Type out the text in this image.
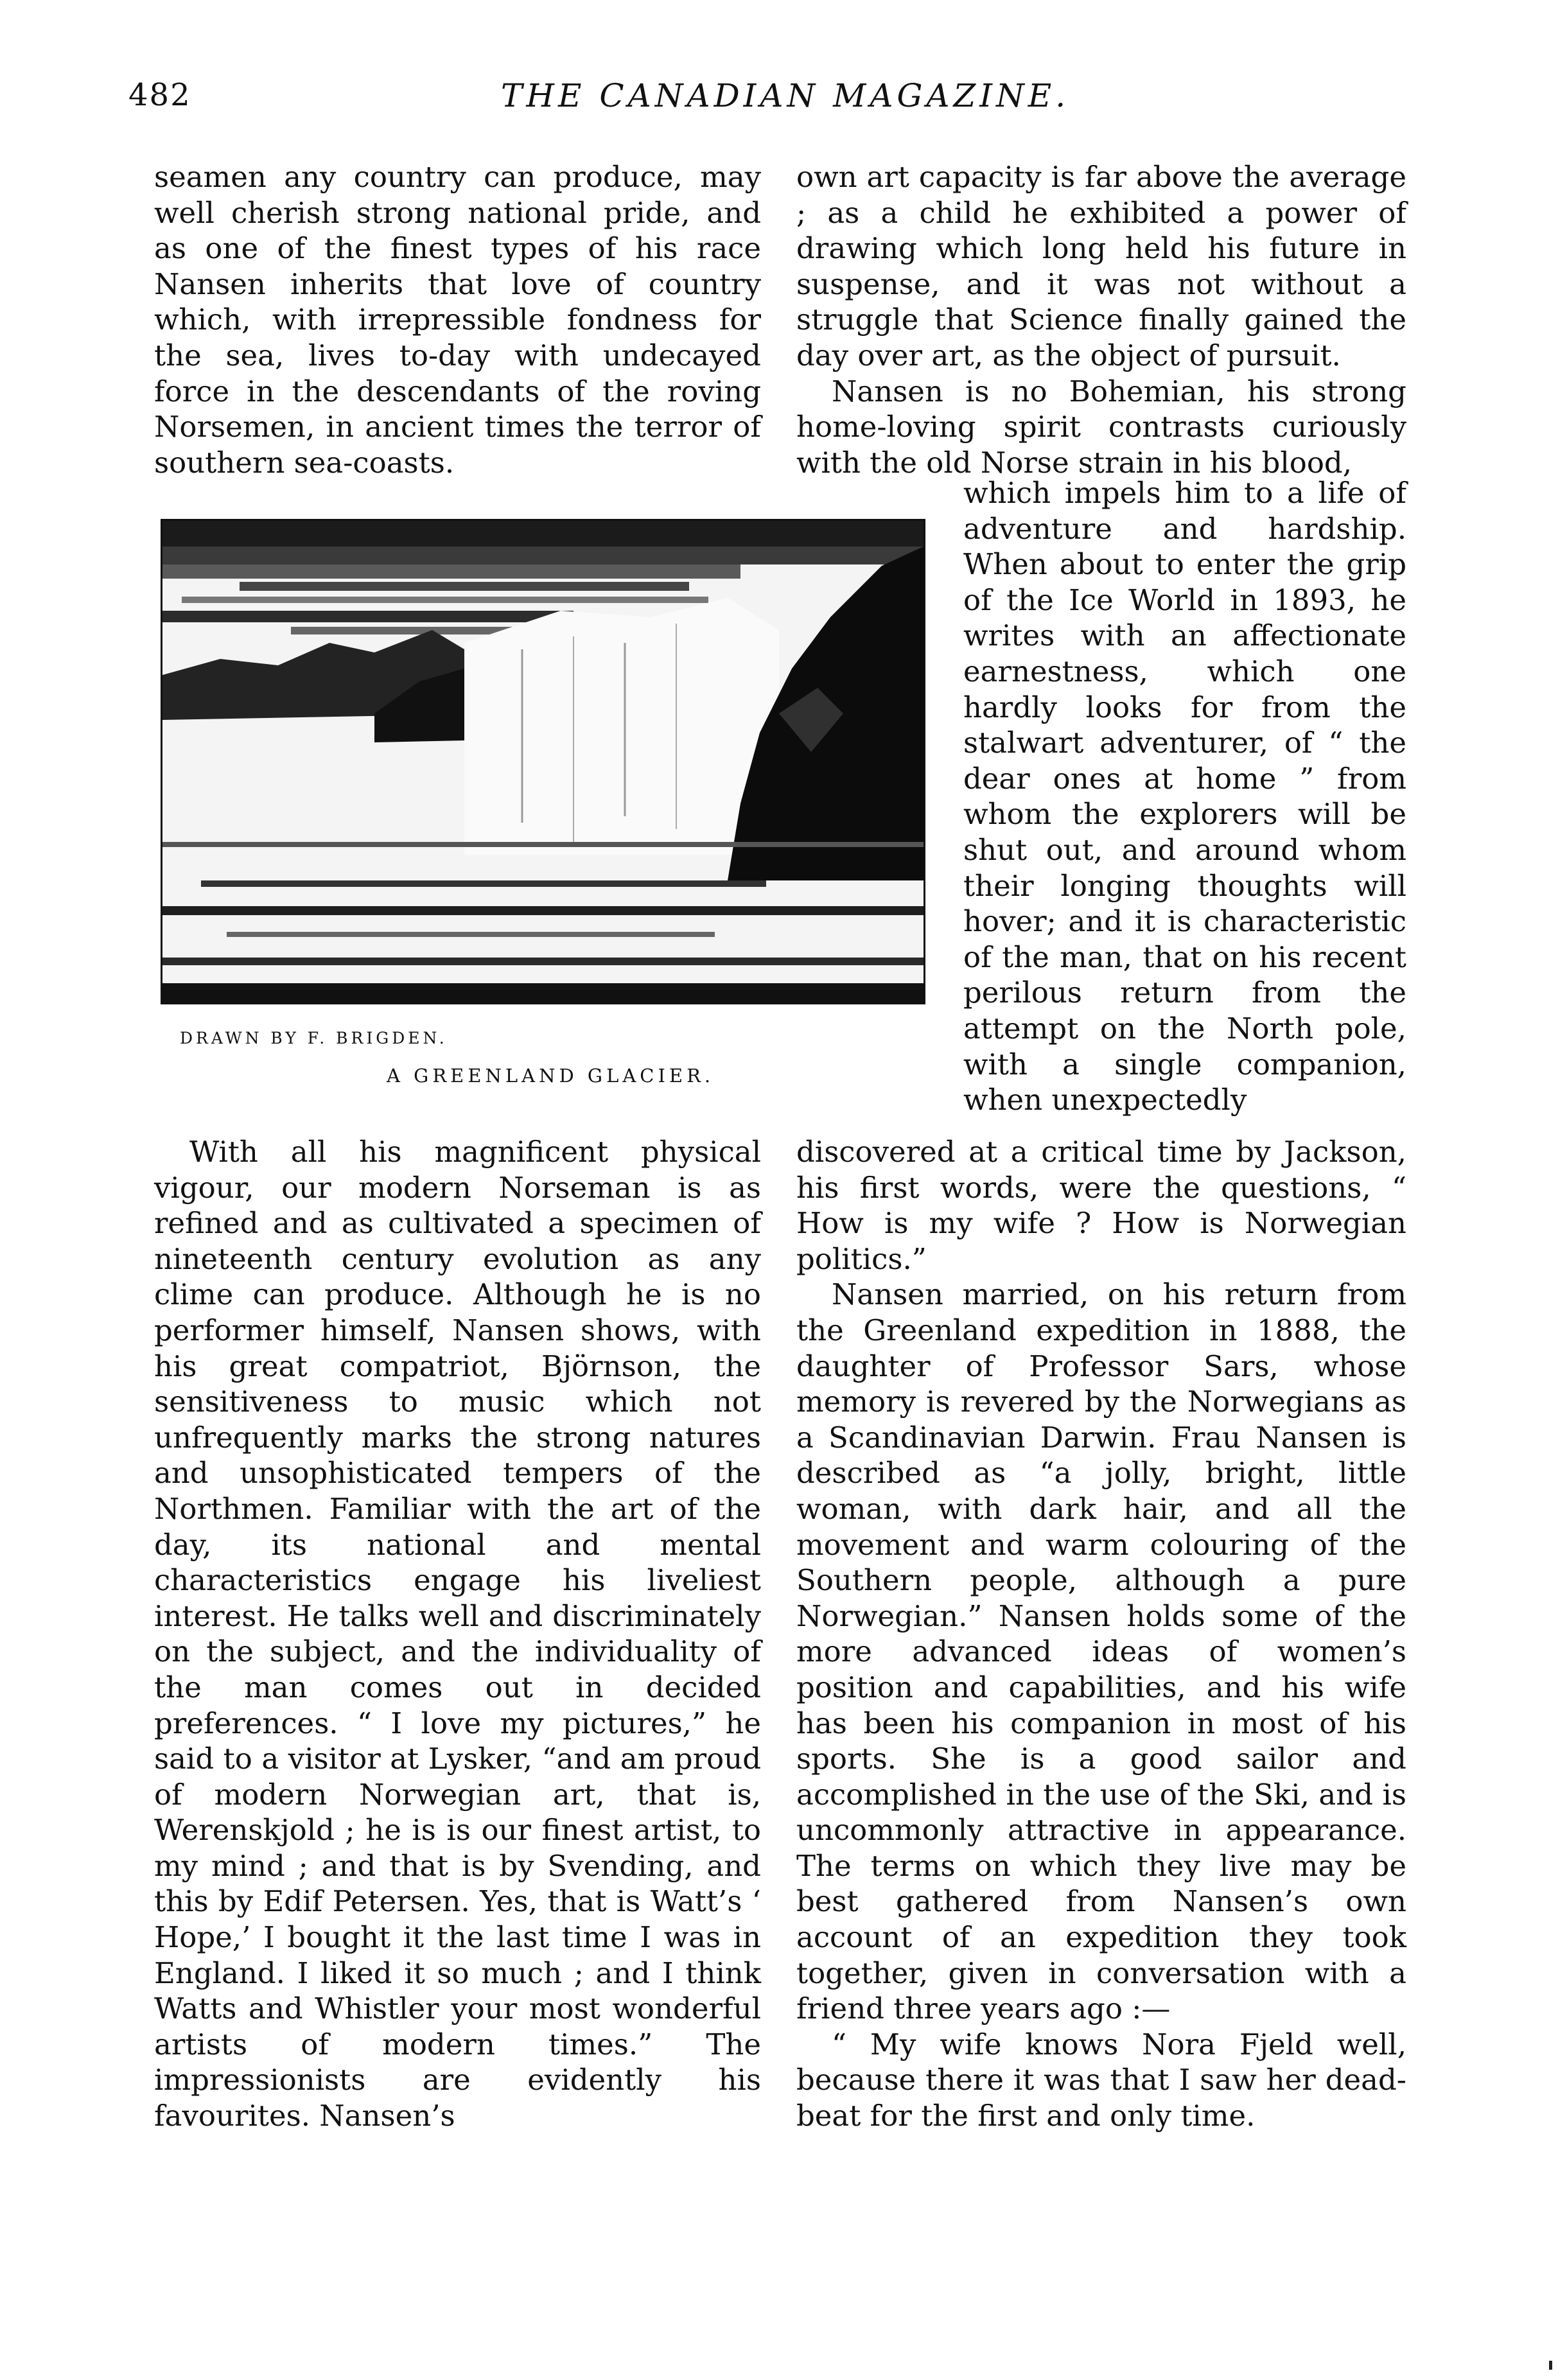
482	THE CANADIAN MAGAZINE.

seamen any country can produce, may well cherish strong national pride, and as one of the finest types of his race Nansen inherits that love of country which, with irrepressible fondness for the sea, lives to-day with undecayed force in the descendants of the roving Norsemen, in ancient times the terror of southern sea-coasts.

DRAWN BY F. BRIGDEN.
A GREENLAND GLACIER.

With all his magnificent physical vigour, our modern Norseman is as refined and as cultivated a specimen of nineteenth century evolution as any clime can produce. Although he is no performer himself, Nansen shows, with his great compatriot, Björnson, the sensitiveness to music which not unfrequently marks the strong natures and unsophisticated tempers of the Northmen. Familiar with the art of the day, its national and mental characteristics engage his liveliest interest. He talks well and discriminately on the subject, and the individuality of the man comes out in decided preferences. “ I love my pictures,” he said to a visitor at Lysker, “and am proud of modern Norwegian art, that is, Werenskjold ; he is is our finest artist, to my mind ; and that is by Svending, and this by Edif Petersen. Yes, that is Watt’s ‘ Hope,’ I bought it the last time I was in England. I liked it so much ; and I think Watts and Whistler your most wonderful artists of modern times.” The impressionists are evidently his favourites. Nansen’s

own art capacity is far above the average ; as a child he exhibited a power of drawing which long held his future in suspense, and it was not without a struggle that Science finally gained the day over art, as the object of pursuit.

Nansen is no Bohemian, his strong home-loving spirit contrasts curiously with the old Norse strain in his blood,

which impels him to a life of adventure and hardship. When about to enter the grip of the Ice World in 1893, he writes with an affectionate earnestness, which one hardly looks for from the stalwart adventurer, of “ the dear ones at home ” from whom the explorers will be shut out, and around whom their longing thoughts will hover; and it is characteristic of the man, that on his recent perilous return from the attempt on the North pole, with a single companion, when unexpectedly

discovered at a critical time by Jackson, his first words, were the questions, “ How is my wife ? How is Norwegian politics.”

Nansen married, on his return from the Greenland expedition in 1888, the daughter of Professor Sars, whose memory is revered by the Norwegians as a Scandinavian Darwin. Frau Nansen is described as “a jolly, bright, little woman, with dark hair, and all the movement and warm colouring of the Southern people, although a pure Norwegian.” Nansen holds some of the more advanced ideas of women’s position and capabilities, and his wife has been his companion in most of his sports. She is a good sailor and accomplished in the use of the Ski, and is uncommonly attractive in appearance. The terms on which they live may be best gathered from Nansen’s own account of an expedition they took together, given in conversation with a friend three years ago :—

“ My wife knows Nora Fjeld well, because there it was that I saw her dead-beat for the first and only time.
